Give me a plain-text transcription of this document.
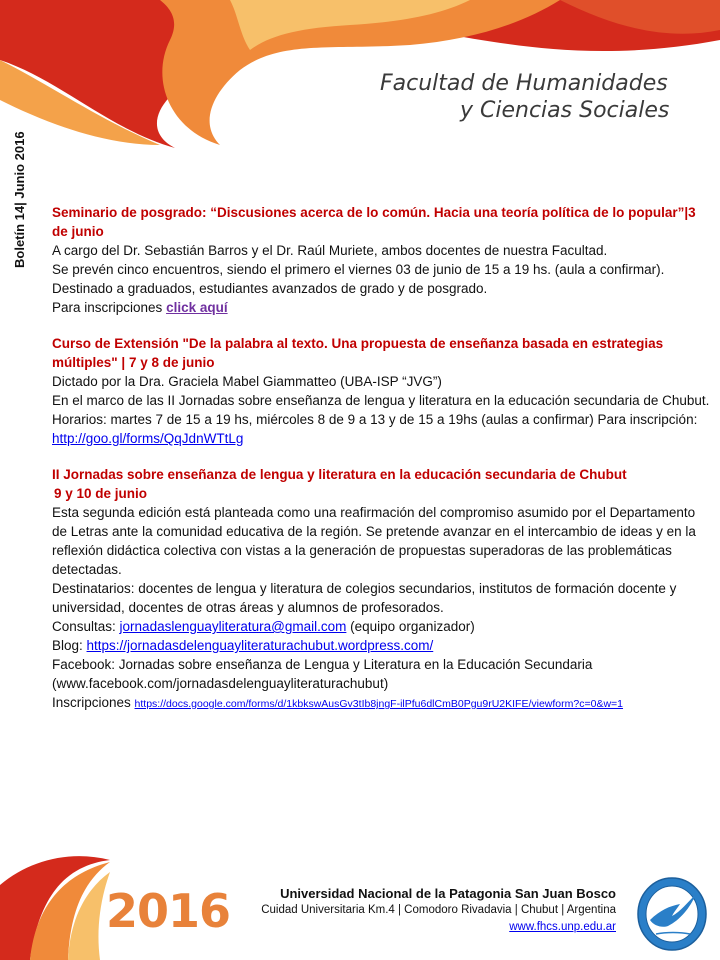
Facultad de Humanidades
y Ciencias Sociales
Boletín 14| Junio 2016 Seminario de posgrado: “Discusiones acerca de lo común. Hacia una teoría política de lo popular”|3 de junio

A cargo del Dr. Sebastián Barros y el Dr. Raúl Muriete, ambos docentes de nuestra Facultad.

Se prevén cinco encuentros, siendo el primero el viernes 03 de junio de 15 a 19 hs. (aula a confirmar). Destinado a graduados, estudiantes avanzados de grado y de posgrado.

Para inscripciones click aquí

Curso de Extensión "De la palabra al texto. Una propuesta de enseñanza basada en estrategias múltiples" | 7 y 8 de junio

Dictado por la Dra. Graciela Mabel Giammatteo (UBA-ISP “JVG”)

En el marco de las II Jornadas sobre enseñanza de lengua y literatura en la educación secundaria de Chubut. Horarios: martes 7 de 15 a 19 hs, miércoles 8 de 9 a 13 y de 15 a 19hs (aulas a confirmar) Para inscripción: http://goo.gl/forms/QqJdnWTtLg

II Jornadas sobre enseñanza de lengua y literatura en la educación secundaria de Chubut
9 y 10 de junio

Esta segunda edición está planteada como una reafirmación del compromiso asumido por el Departamento de Letras ante la comunidad educativa de la región. Se pretende avanzar en el intercambio de ideas y en la reflexión didáctica colectiva con vistas a la generación de propuestas superadoras de las problemáticas detectadas.

Destinatarios: docentes de lengua y literatura de colegios secundarios, institutos de formación docente y universidad, docentes de otras áreas y alumnos de profesorados.

Consultas: jornadaslenguayliteratura@gmail.com (equipo organizador)

Blog: https://jornadasdelenguayliteraturachubut.wordpress.com/

Facebook: Jornadas sobre enseñanza de Lengua y Literatura en la Educación Secundaria (www.facebook.com/jornadasdelenguayliteraturachubut)

Inscripciones https://docs.google.com/forms/d/1kbkswAusGv3tIb8jngF-ilPfu6dlCmB0Pgu9rU2KIFE/viewform?c=0&w=1

2016	Universidad Nacional de la Patagonia San Juan Bosco
Cuidad Universitaria Km.4 | Comodoro Rivadavia | Chubut | Argentina
www.fhcs.unp.edu.ar
